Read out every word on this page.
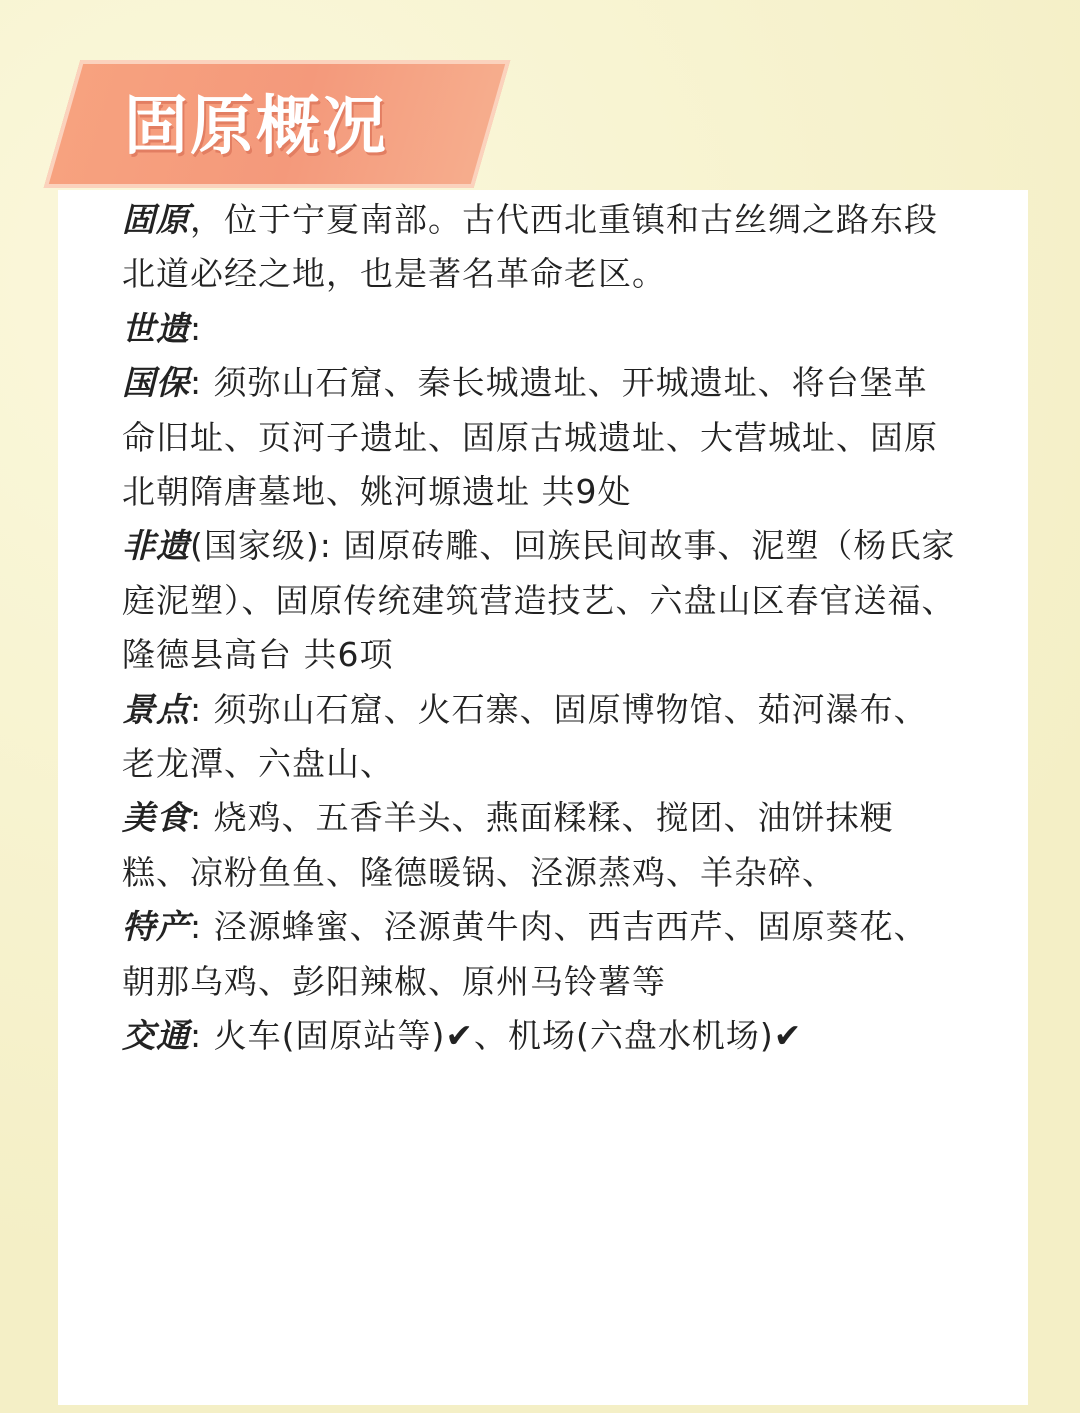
固原概况

固原，位于宁夏南部。古代西北重镇和古丝绸之路东段北道必经之地，也是著名革命老区。

世遗:

国保: 须弥山石窟、秦长城遗址、开城遗址、将台堡革命旧址、页河子遗址、固原古城遗址、大营城址、固原北朝隋唐墓地、姚河塬遗址 共9处

非遗(国家级): 固原砖雕、回族民间故事、泥塑（杨氏家庭泥塑）、固原传统建筑营造技艺、六盘山区春官送福、隆德县高台 共6项

景点: 须弥山石窟、火石寨、固原博物馆、茹河瀑布、老龙潭、六盘山、

美食: 烧鸡、五香羊头、燕面糅糅、搅团、油饼抹粳糕、凉粉鱼鱼、隆德暖锅、泾源蒸鸡、羊杂碎、

特产: 泾源蜂蜜、泾源黄牛肉、西吉西芹、固原葵花、朝那乌鸡、彭阳辣椒、原州马铃薯等

交通: 火车(固原站等)✔、机场(六盘水机场)✔
